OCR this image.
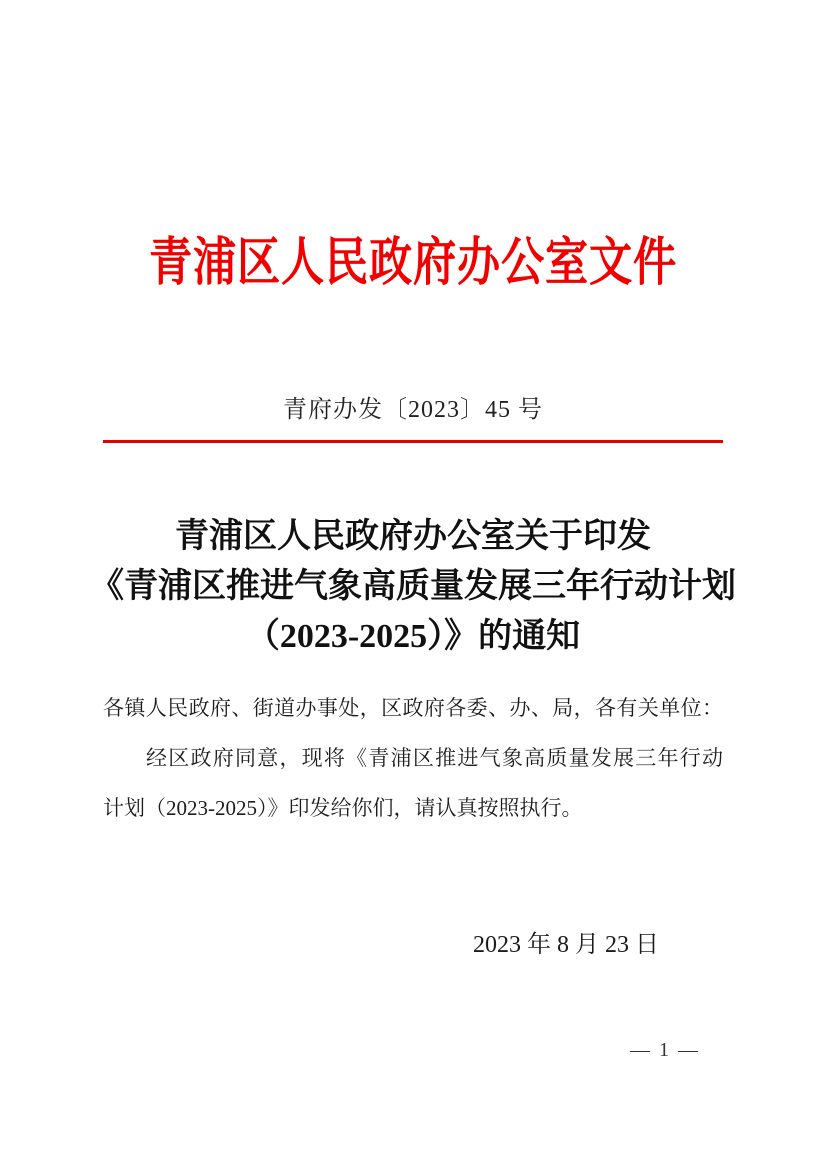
青浦区人民政府办公室文件
青府办发〔2023〕45 号
青浦区人民政府办公室关于印发
《青浦区推进气象高质量发展三年行动计划
（2023-2025）》的通知
各镇人民政府、街道办事处，区政府各委、办、局，各有关单位：
经区政府同意，现将《青浦区推进气象高质量发展三年行动
计划（2023-2025）》印发给你们，请认真按照执行。
2023 年 8 月 23 日
— 1 —
